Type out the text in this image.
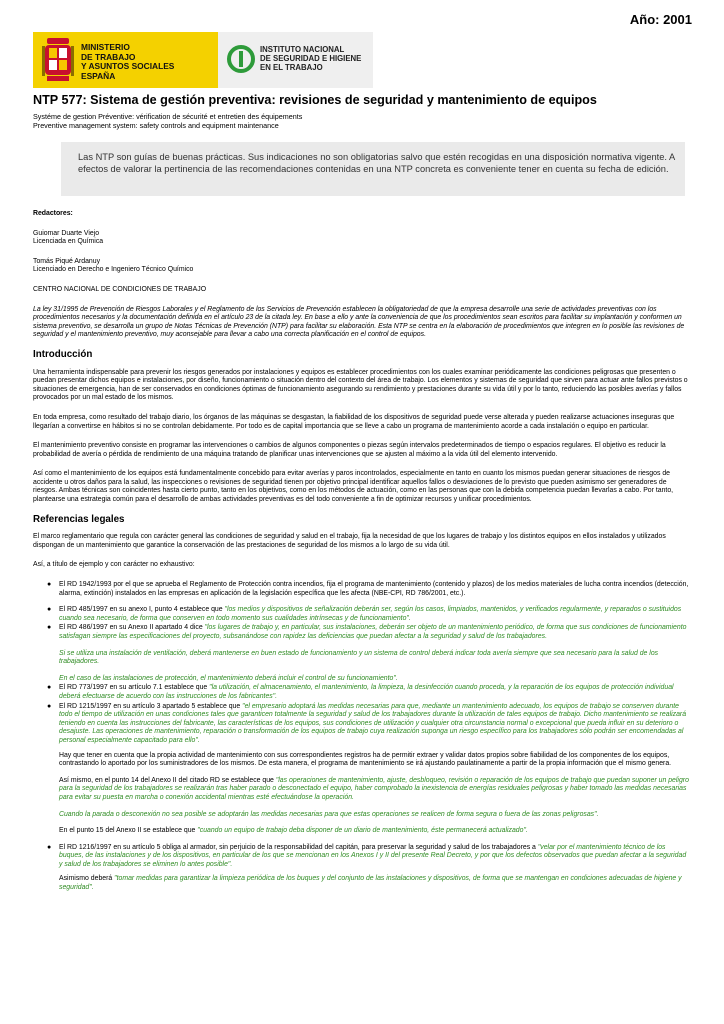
Año: 2001
MINISTERIO
DE TRABAJO
Y ASUNTOS SOCIALES
ESPAÑA
INSTITUTO NACIONAL
DE SEGURIDAD E HIGIENE
EN EL TRABAJO
NTP 577: Sistema de gestión preventiva: revisiones de seguridad y mantenimiento de equipos
Systéme de gestion Préventive: vérification de sécurité et entretien des équipements
Preventive management system: safety controls and equipment maintenance
Las NTP son guías de buenas prácticas. Sus indicaciones no son obligatorias salvo que estén recogidas en una disposición normativa vigente. A efectos de valorar la pertinencia de las recomendaciones contenidas en una NTP concreta es conveniente tener en cuenta su fecha de edición.

Redactores:

Guiomar Duarte Viejo
Licenciada en Química

Tomás Piqué Ardanuy
Licenciado en Derecho e Ingeniero Técnico Químico

CENTRO NACIONAL DE CONDICIONES DE TRABAJO

La ley 31/1995 de Prevención de Riesgos Laborales y el Reglamento de los Servicios de Prevención establecen la obligatoriedad de que la empresa desarrolle una serie de actividades preventivas con los procedimientos necesarios y la documentación definida en el artículo 23 de la citada ley. En base a ello y ante la conveniencia de que los procedimientos sean escritos para facilitar su implantación y conformen un sistema preventivo, se desarrolla un grupo de Notas Técnicas de Prevención (NTP) para facilitar su elaboración. Esta NTP se centra en la elaboración de procedimientos que integren en lo posible las revisiones de seguridad y el mantenimiento preventivo, muy aconsejable para llevar a cabo una correcta planificación en el control de equipos.

Introducción

Una herramienta indispensable para prevenir los riesgos generados por instalaciones y equipos es establecer procedimientos con los cuales examinar periódicamente las condiciones peligrosas que presenten o puedan presentar dichos equipos e instalaciones, por diseño, funcionamiento o situación dentro del contexto del área de trabajo. Los elementos y sistemas de seguridad que sirven para actuar ante fallos previstos o situaciones de emergencia, han de ser conservados en condiciones óptimas de funcionamiento asegurando su rendimiento y prestaciones durante su vida útil y por lo tanto, reduciendo las posibles averías y fallos provocados por un mal estado de los mismos.

En toda empresa, como resultado del trabajo diario, los órganos de las máquinas se desgastan, la fiabilidad de los dispositivos de seguridad puede verse alterada y pueden realizarse actuaciones inseguras que llegarían a convertirse en hábitos si no se controlan debidamente. Por todo es de capital importancia que se lleve a cabo un programa de mantenimiento acorde a cada instalación o equipo en particular.

El mantenimiento preventivo consiste en programar las intervenciones o cambios de algunos componentes o piezas según intervalos predeterminados de tiempo o espacios regulares. El objetivo es reducir la probabilidad de avería o pérdida de rendimiento de una máquina tratando de planificar unas intervenciones que se ajusten al máximo a la vida útil del elemento intervenido.

Así como el mantenimiento de los equipos está fundamentalmente concebido para evitar averías y paros incontrolados, especialmente en tanto en cuanto los mismos puedan generar situaciones de riesgos de accidente u otros daños para la salud, las inspecciones o revisiones de seguridad tienen por objetivo principal identificar aquellos fallos o desviaciones de lo previsto que pueden asimismo ser generadores de riesgos. Ambas técnicas son coincidentes hasta cierto punto, tanto en los objetivos, como en los métodos de actuación, como en las personas que con la debida competencia puedan llevarlas a cabo. Por tanto, plantearse una estrategia común para el desarrollo de ambas actividades preventivas es del todo conveniente a fin de optimizar recursos y unificar procedimientos.

Referencias legales

El marco reglamentario que regula con carácter general las condiciones de seguridad y salud en el trabajo, fija la necesidad de que los lugares de trabajo y los distintos equipos en ellos instalados y utilizados dispongan de un mantenimiento que garantice la conservación de las prestaciones de seguridad de los mismos a lo largo de su vida útil.

Así, a título de ejemplo y con carácter no exhaustivo:

● El RD 1942/1993 por el que se aprueba el Reglamento de Protección contra incendios, fija el programa de mantenimiento (contenido y plazos) de los medios materiales de lucha contra incendios (detección, alarma, extinción) instalados en las empresas en aplicación de la legislación específica que les afecta (NBE-CPI, RD 786/2001, etc.).
● El RD 485/1997 en su anexo I, punto 4 establece que "los medios y dispositivos de señalización deberán ser, según los casos, limpiados, mantenidos, y verificados regularmente, y reparados o sustituidos cuando sea necesario, de forma que conserven en todo momento sus cualidades intrínsecas y de funcionamiento".
● El RD 486/1997 en su Anexo II apartado 4 dice "los lugares de trabajo y, en particular, sus instalaciones, deberán ser objeto de un mantenimiento periódico, de forma que sus condiciones de funcionamiento satisfagan siempre las especificaciones del proyecto, subsanándose con rapidez las deficiencias que puedan afectar a la seguridad y salud de los trabajadores.
Si se utiliza una instalación de ventilación, deberá mantenerse en buen estado de funcionamiento y un sistema de control deberá indicar toda avería siempre que sea necesario para la salud de los trabajadores.
En el caso de las instalaciones de protección, el mantenimiento deberá incluir el control de su funcionamiento".
● El RD 773/1997 en su artículo 7.1 establece que "la utilización, el almacenamiento, el mantenimiento, la limpieza, la desinfección cuando proceda, y la reparación de los equipos de protección individual deberá efectuarse de acuerdo con las instrucciones de los fabricantes".
● El RD 1215/1997 en su artículo 3 apartado 5 establece que "el empresario adoptará las medidas necesarias para que, mediante un mantenimiento adecuado, los equipos de trabajo se conserven durante todo el tiempo de utilización en unas condiciones tales que garanticen totalmente la seguridad y salud de los trabajadores durante la utilización de tales equipos de trabajo. Dicho mantenimiento se realizará teniendo en cuenta las instrucciones del fabricante, las características de los equipos, sus condiciones de utilización y cualquier otra circunstancia normal o excepcional que pueda influir en su deterioro o desajuste. Las operaciones de mantenimiento, reparación o transformación de los equipos de trabajo cuya realización suponga un riesgo específico para los trabajadores sólo podrán ser encomendadas al personal especialmente capacitado para ello".

Hay que tener en cuenta que la propia actividad de mantenimiento con sus correspondientes registros ha de permitir extraer y validar datos propios sobre fiabilidad de los componentes de los equipos, contrastando lo aportado por los suministradores de los mismos. De esta manera, el programa de mantenimiento se irá ajustando paulatinamente a partir de la propia información que el mismo genera.

Así mismo, en el punto 14 del Anexo II del citado RD se establece que "las operaciones de mantenimiento, ajuste, desbloqueo, revisión o reparación de los equipos de trabajo que puedan suponer un peligro para la seguridad de los trabajadores se realizarán tras haber parado o desconectado el equipo, haber comprobado la inexistencia de energías residuales peligrosas y haber tomado las medidas necesarias para evitar su puesta en marcha o conexión accidental mientras esté efectuándose la operación.

Cuando la parada o desconexión no sea posible se adoptarán las medidas necesarias para que estas operaciones se realicen de forma segura o fuera de las zonas peligrosas".

En el punto 15 del Anexo II se establece que "cuando un equipo de trabajo deba disponer de un diario de mantenimiento, éste permanecerá actualizado".

● El RD 1216/1997 en su artículo 5 obliga al armador, sin perjuicio de la responsabilidad del capitán, para preservar la seguridad y salud de los trabajadores a "velar por el mantenimiento técnico de los buques, de las instalaciones y de los dispositivos, en particular de los que se mencionan en los Anexos I y II del presente Real Decreto, y por que los defectos observados que puedan afectar a la seguridad y salud de los trabajadores se eliminen lo antes posible".

Asimismo deberá "tomar medidas para garantizar la limpieza periódica de los buques y del conjunto de las instalaciones y dispositivos, de forma que se mantengan en condiciones adecuadas de higiene y seguridad".
